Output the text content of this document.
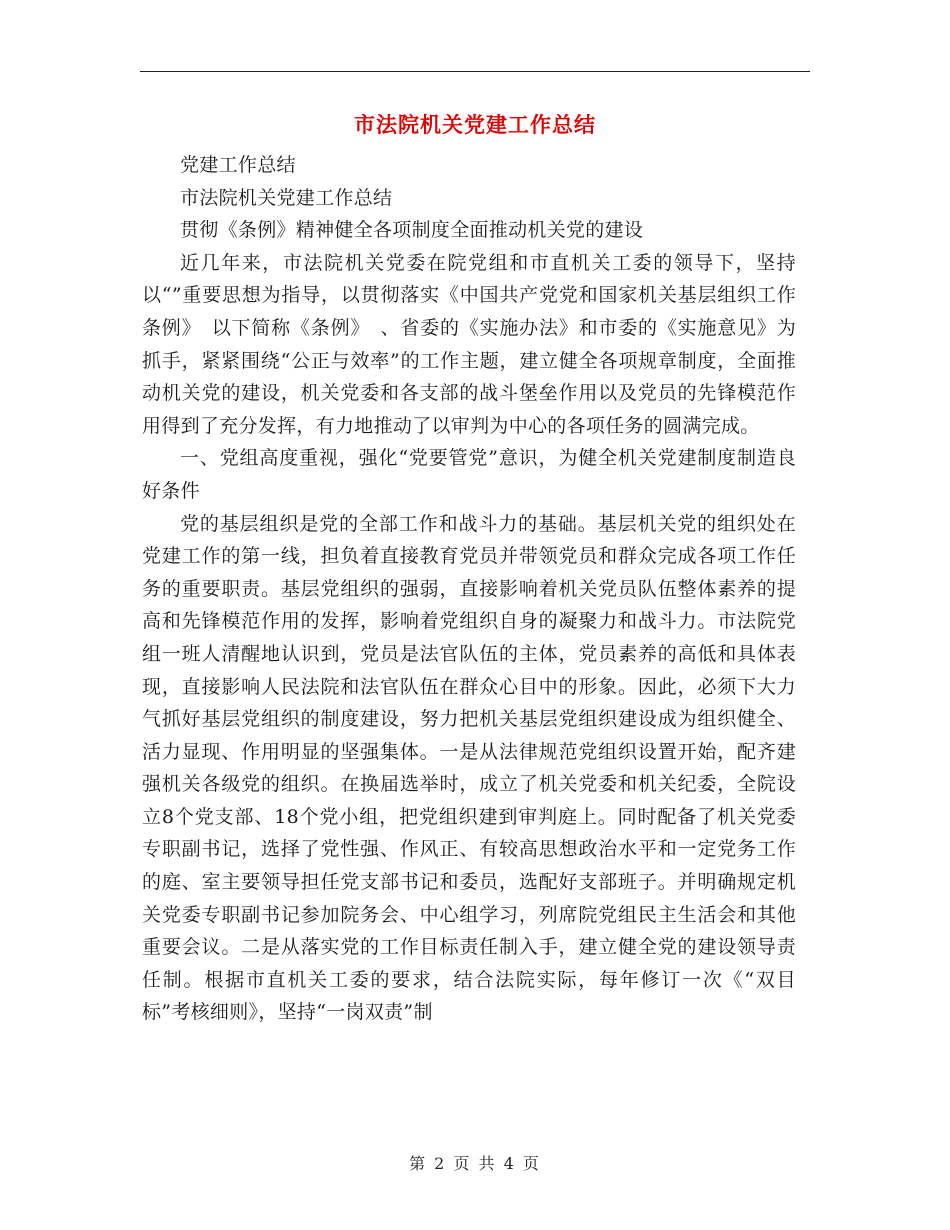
市法院机关党建工作总结

党建工作总结

市法院机关党建工作总结

贯彻《条例》精神健全各项制度全面推动机关党的建设

近几年来，市法院机关党委在院党组和市直机关工委的领导下，坚持以“”重要思想为指导，以贯彻落实《中国共产党党和国家机关基层组织工作条例》　以下简称《条例》　、省委的《实施办法》和市委的《实施意见》为抓手，紧紧围绕“公正与效率”的工作主题，建立健全各项规章制度，全面推动机关党的建设，机关党委和各支部的战斗堡垒作用以及党员的先锋模范作用得到了充分发挥，有力地推动了以审判为中心的各项任务的圆满完成。

一、党组高度重视，强化“党要管党”意识，为健全机关党建制度制造良好条件

党的基层组织是党的全部工作和战斗力的基础。基层机关党的组织处在党建工作的第一线，担负着直接教育党员并带领党员和群众完成各项工作任务的重要职责。基层党组织的强弱，直接影响着机关党员队伍整体素养的提高和先锋模范作用的发挥，影响着党组织自身的凝聚力和战斗力。市法院党组一班人清醒地认识到，党员是法官队伍的主体，党员素养的高低和具体表现，直接影响人民法院和法官队伍在群众心目中的形象。因此，必须下大力气抓好基层党组织的制度建设，努力把机关基层党组织建设成为组织健全、活力显现、作用明显的坚强集体。一是从法律规范党组织设置开始，配齐建强机关各级党的组织。在换届选举时，成立了机关党委和机关纪委，全院设立8个党支部、18个党小组，把党组织建到审判庭上。同时配备了机关党委专职副书记，选择了党性强、作风正、有较高思想政治水平和一定党务工作的庭、室主要领导担任党支部书记和委员，选配好支部班子。并明确规定机关党委专职副书记参加院务会、中心组学习，列席院党组民主生活会和其他重要会议。二是从落实党的工作目标责任制入手，建立健全党的建设领导责任制。根据市直机关工委的要求，结合法院实际，每年修订一次《“双目标”考核细则》，坚持“一岗双责”制

第 2 页 共 4 页
